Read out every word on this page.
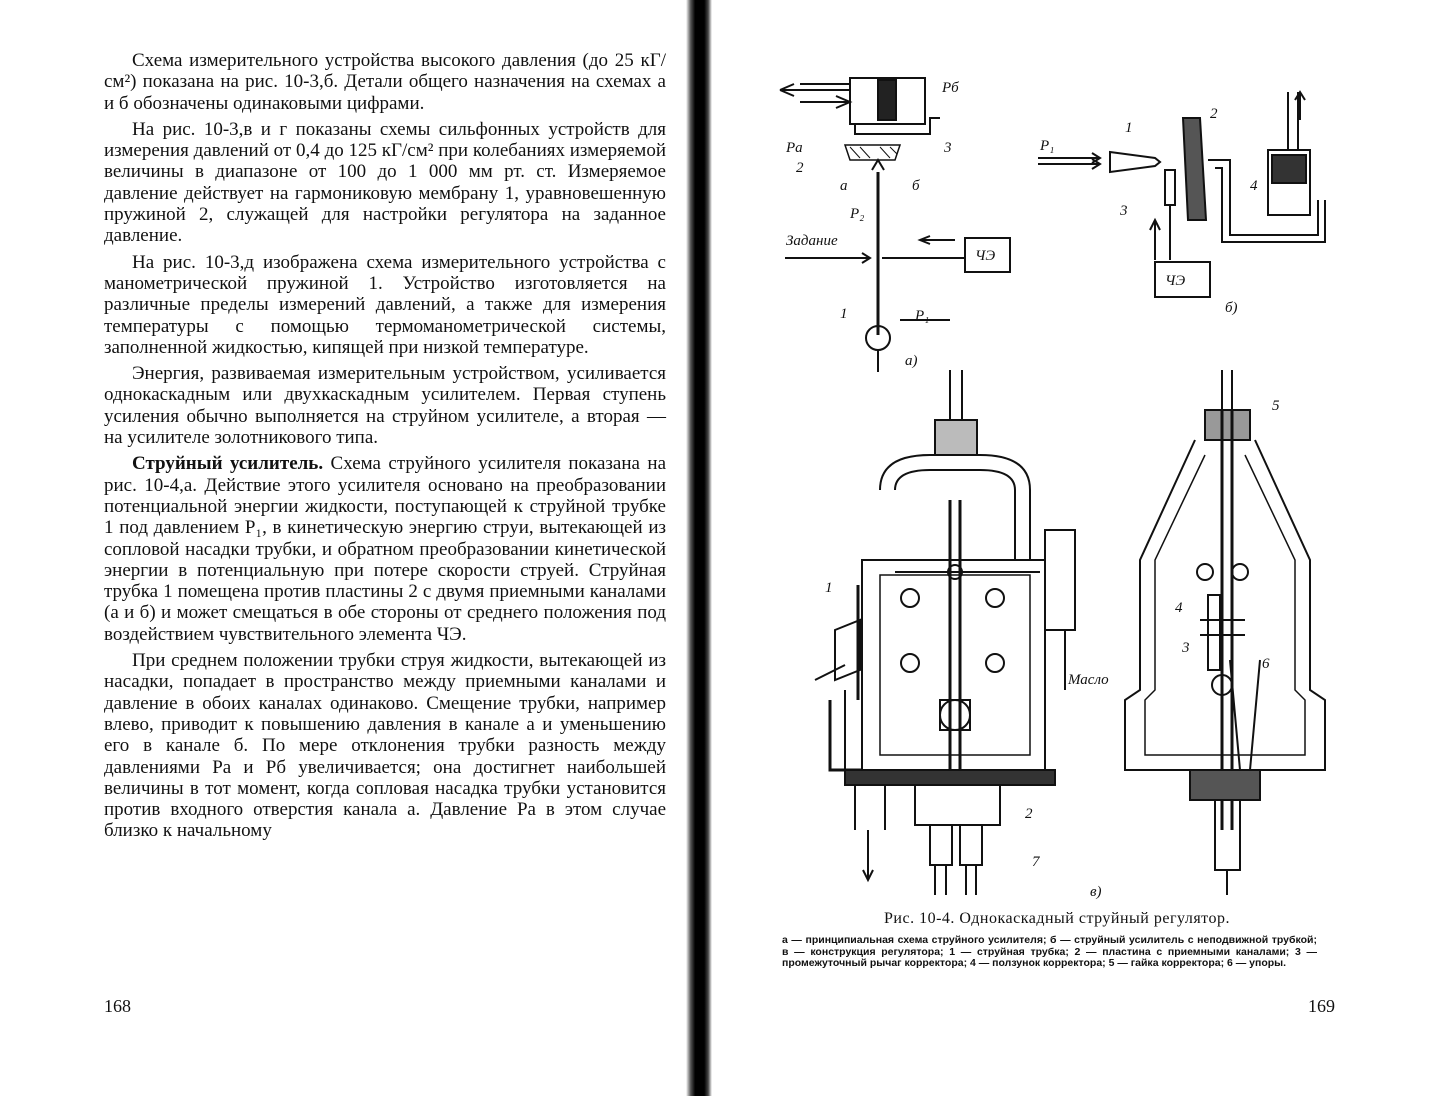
Схема измерительного устройства высокого давления (до 25 кГ/см²) показана на рис. 10-3,б. Детали общего назначения на схемах а и б обозначены одинаковыми цифрами.

На рис. 10-3,в и г показаны схемы сильфонных устройств для измерения давлений от 0,4 до 125 кГ/см² при колебаниях измеряемой величины в диапазоне от 100 до 1 000 мм рт. ст. Измеряемое давление действует на гармониковую мембрану 1, уравновешенную пружиной 2, служащей для настройки регулятора на заданное давление.

На рис. 10-3,д изображена схема измерительного устройства с манометрической пружиной 1. Устройство изготовляется на различные пределы измерений давлений, а также для измерения температуры с помощью термоманометрической системы, заполненной жидкостью, кипящей при низкой температуре.

Энергия, развиваемая измерительным устройством, усиливается однокаскадным или двухкаскадным усилителем. Первая ступень усиления обычно выполняется на струйном усилителе, а вторая — на усилителе золотникового типа.

Струйный усилитель. Схема струйного усилителя показана на рис. 10-4,а. Действие этого усилителя основано на преобразовании потенциальной энергии жидкости, поступающей к струйной трубке 1 под давлением P₁, в кинетическую энергию струи, вытекающей из сопловой насадки трубки, и обратном преобразовании кинетической энергии в потенциальную при потере скорости струей. Струйная трубка 1 помещена против пластины 2 с двумя приемными каналами (а и б) и может смещаться в обе стороны от среднего положения под воздействием чувствительного элемента ЧЭ.

При среднем положении трубки струя жидкости, вытекающей из насадки, попадает в пространство между приемными каналами и давление в обоих каналах одинаково. Смещение трубки, например влево, приводит к повышению давления в канале а и уменьшению его в канале б. По мере отклонения трубки разность между давлениями Pа и Pб увеличивается; она достигнет наибольшей величины в тот момент, когда сопловая насадка трубки установится против входного отверстия канала а. Давление Pа в этом случае близко к начальному

168
Pб
Pа	3
2
а	б
P₂
Задание
ЧЭ
1	P₁
а)
P₁
1
2
3
4
ЧЭ
б)
1
2
3
4
5
6
7
Масло
в)
Рис. 10-4. Однокаскадный струйный регулятор.
а — принципиальная схема струйного усилителя; б — струйный усилитель с неподвижной трубкой; в — конструкция регулятора; 1 — струйная трубка; 2 — пластина с приемными каналами; 3 — промежуточный рычаг корректора; 4 — ползунок корректора; 5 — гайка корректора; 6 — упоры.
169
